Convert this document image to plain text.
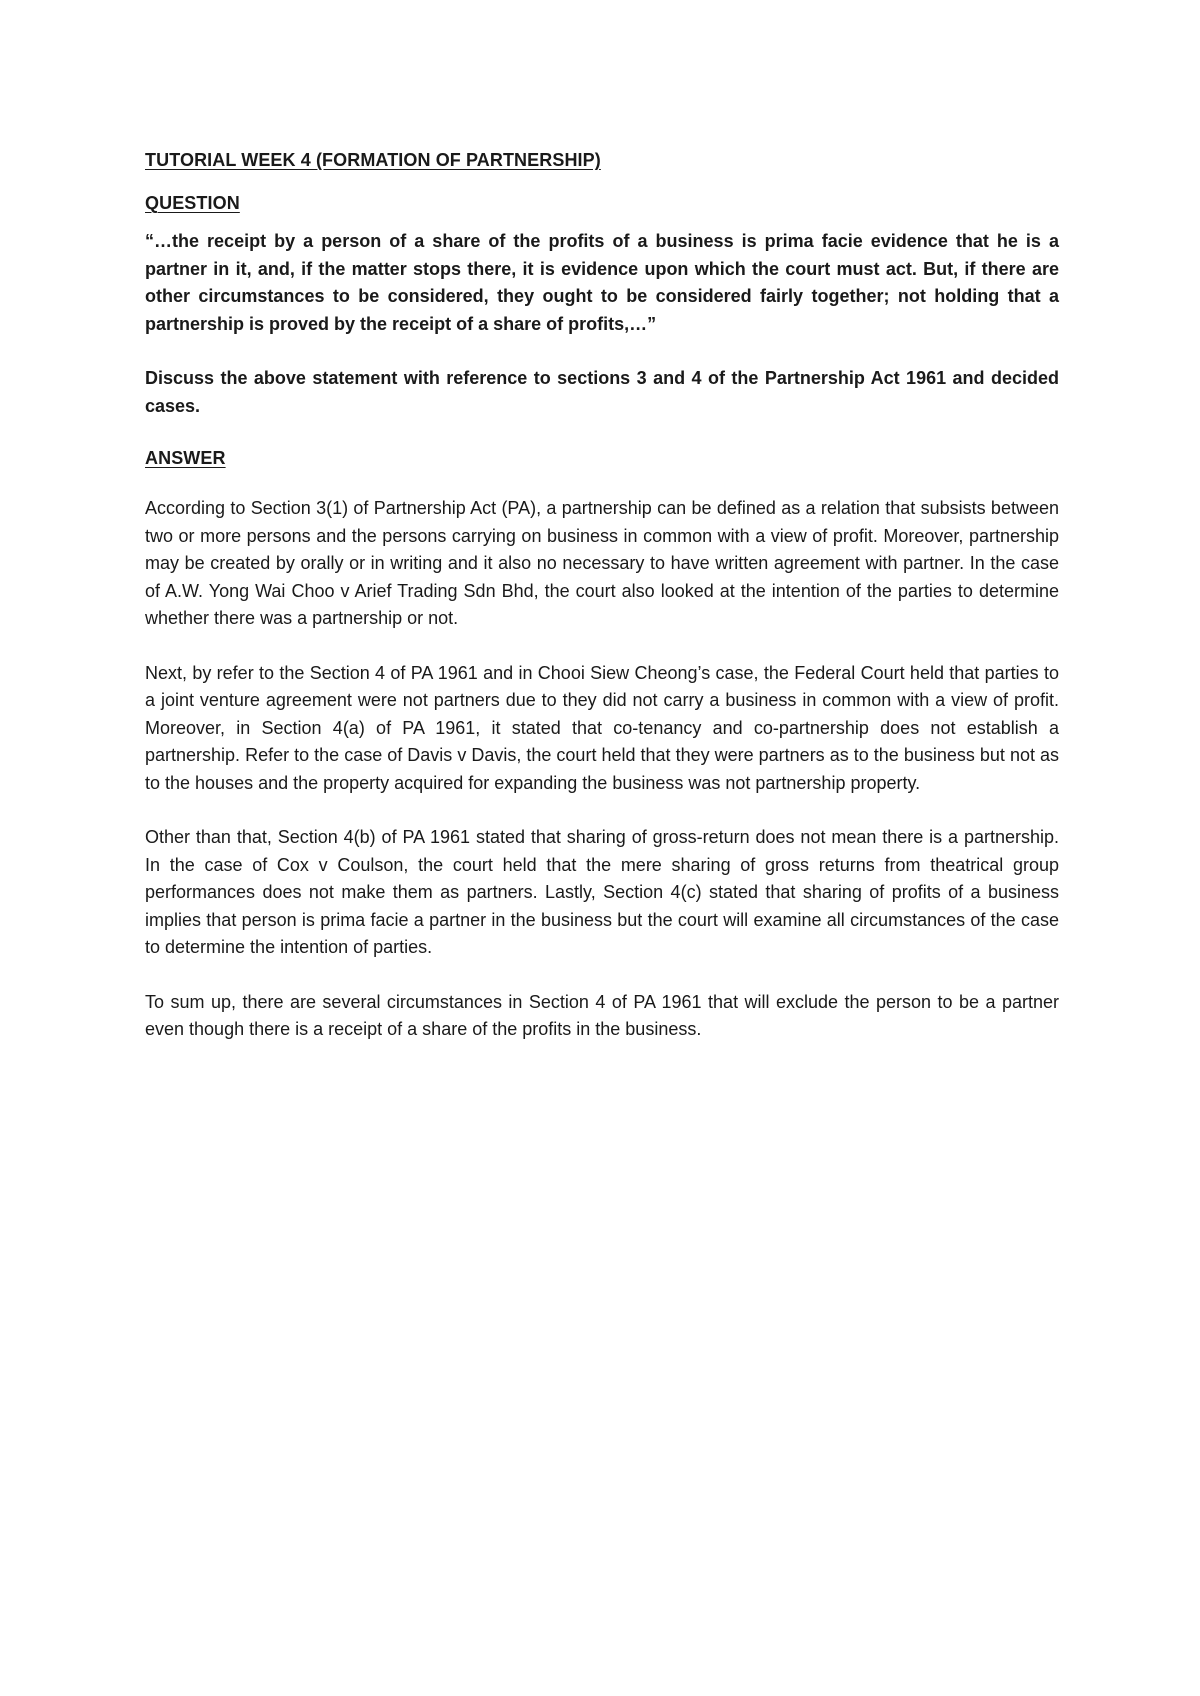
TUTORIAL WEEK 4 (FORMATION OF PARTNERSHIP)
QUESTION

“…the receipt by a person of a share of the profits of a business is prima facie evidence that he is a partner in it, and, if the matter stops there, it is evidence upon which the court must act. But, if there are other circumstances to be considered, they ought to be considered fairly together; not holding that a partnership is proved by the receipt of a share of profits,…”

Discuss the above statement with reference to sections 3 and 4 of the Partnership Act 1961 and decided cases.

ANSWER

According to Section 3(1) of Partnership Act (PA), a partnership can be defined as a relation that subsists between two or more persons and the persons carrying on business in common with a view of profit. Moreover, partnership may be created by orally or in writing and it also no necessary to have written agreement with partner. In the case of A.W. Yong Wai Choo v Arief Trading Sdn Bhd, the court also looked at the intention of the parties to determine whether there was a partnership or not.

Next, by refer to the Section 4 of PA 1961 and in Chooi Siew Cheong’s case, the Federal Court held that parties to a joint venture agreement were not partners due to they did not carry a business in common with a view of profit. Moreover, in Section 4(a) of PA 1961, it stated that co-tenancy and co-partnership does not establish a partnership. Refer to the case of Davis v Davis, the court held that they were partners as to the business but not as to the houses and the property acquired for expanding the business was not partnership property.

Other than that, Section 4(b) of PA 1961 stated that sharing of gross-return does not mean there is a partnership. In the case of Cox v Coulson, the court held that the mere sharing of gross returns from theatrical group performances does not make them as partners. Lastly, Section 4(c) stated that sharing of profits of a business implies that person is prima facie a partner in the business but the court will examine all circumstances of the case to determine the intention of parties.

To sum up, there are several circumstances in Section 4 of PA 1961 that will exclude the person to be a partner even though there is a receipt of a share of the profits in the business.
